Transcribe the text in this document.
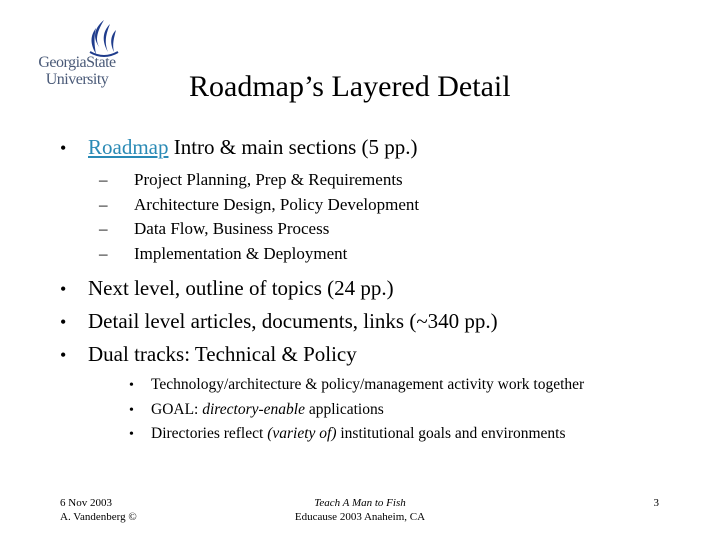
GeorgiaState
University	Roadmap’s Layered Detail
•	Roadmap Intro & main sections (5 pp.)
–	Project Planning, Prep & Requirements
–	Architecture Design, Policy Development
–	Data Flow, Business Process
–	Implementation & Deployment
•	Next level, outline of topics (24 pp.)
•	Detail level articles, documents, links (~340 pp.)
•	Dual tracks: Technical & Policy
•	Technology/architecture & policy/management activity work together
•	GOAL: directory-enable applications
•	Directories reflect (variety of) institutional goals and environments
6 Nov 2003
A. Vandenberg ©
Teach A Man to Fish
Educause 2003 Anaheim, CA
3
